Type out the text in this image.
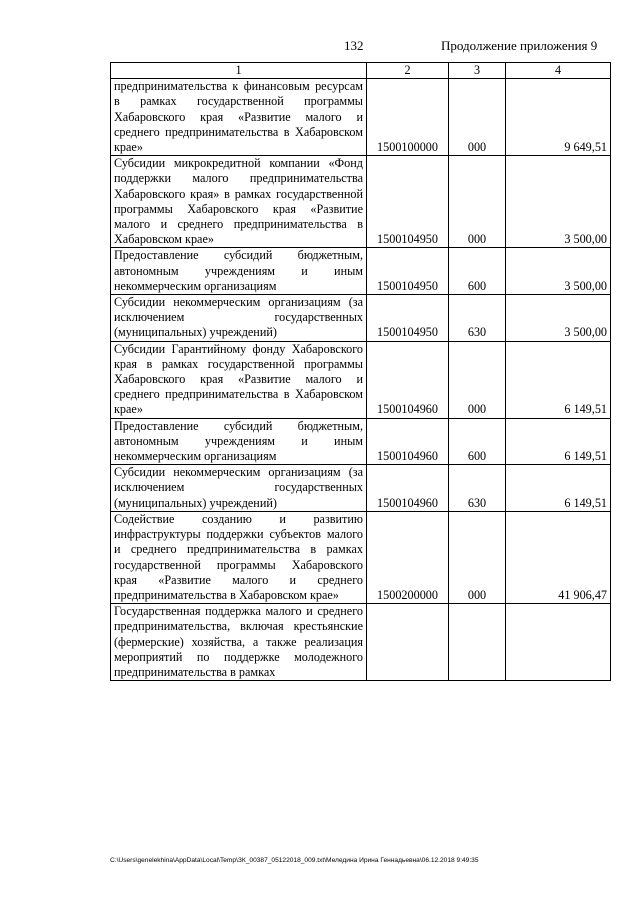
132	Продолжение приложения 9
1	2	3	4
предпринимательства к финансовым ресурсам в рамках государственной программы Хабаровского края «Развитие малого и среднего предпринимательства в Хабаровском крае»	1500100000	000	9 649,51
Субсидии микрокредитной компании «Фонд поддержки малого предпринимательства Хабаровского края» в рамках государственной программы Хабаровского края «Развитие малого и среднего предпринимательства в Хабаровском крае»	1500104950	000	3 500,00
Предоставление субсидий бюджетным, автономным учреждениям и иным некоммерческим организациям	1500104950	600	3 500,00
Субсидии некоммерческим организациям (за исключением государственных (муниципальных) учреждений)	1500104950	630	3 500,00
Субсидии Гарантийному фонду Хабаровского края в рамках государственной программы Хабаровского края «Развитие малого и среднего предпринимательства в Хабаровском крае»	1500104960	000	6 149,51
Предоставление субсидий бюджетным, автономным учреждениям и иным некоммерческим организациям	1500104960	600	6 149,51
Субсидии некоммерческим организациям (за исключением государственных (муниципальных) учреждений)	1500104960	630	6 149,51
Содействие созданию и развитию инфраструктуры поддержки субъектов малого и среднего предпринимательства в рамках государственной программы Хабаровского края «Развитие малого и среднего предпринимательства в Хабаровском крае»	1500200000	000	41 906,47
Государственная поддержка малого и среднего предпринимательства, включая крестьянские (фермерские) хозяйства, а также реализация мероприятий по поддержке молодежного предпринимательства в рамках			
C:\Users\genelekhina\AppData\Local\Temp\ЗК_00387_05122018_009.txt\Меледина Ирина Геннадьевна\06.12.2018 9:49:35
